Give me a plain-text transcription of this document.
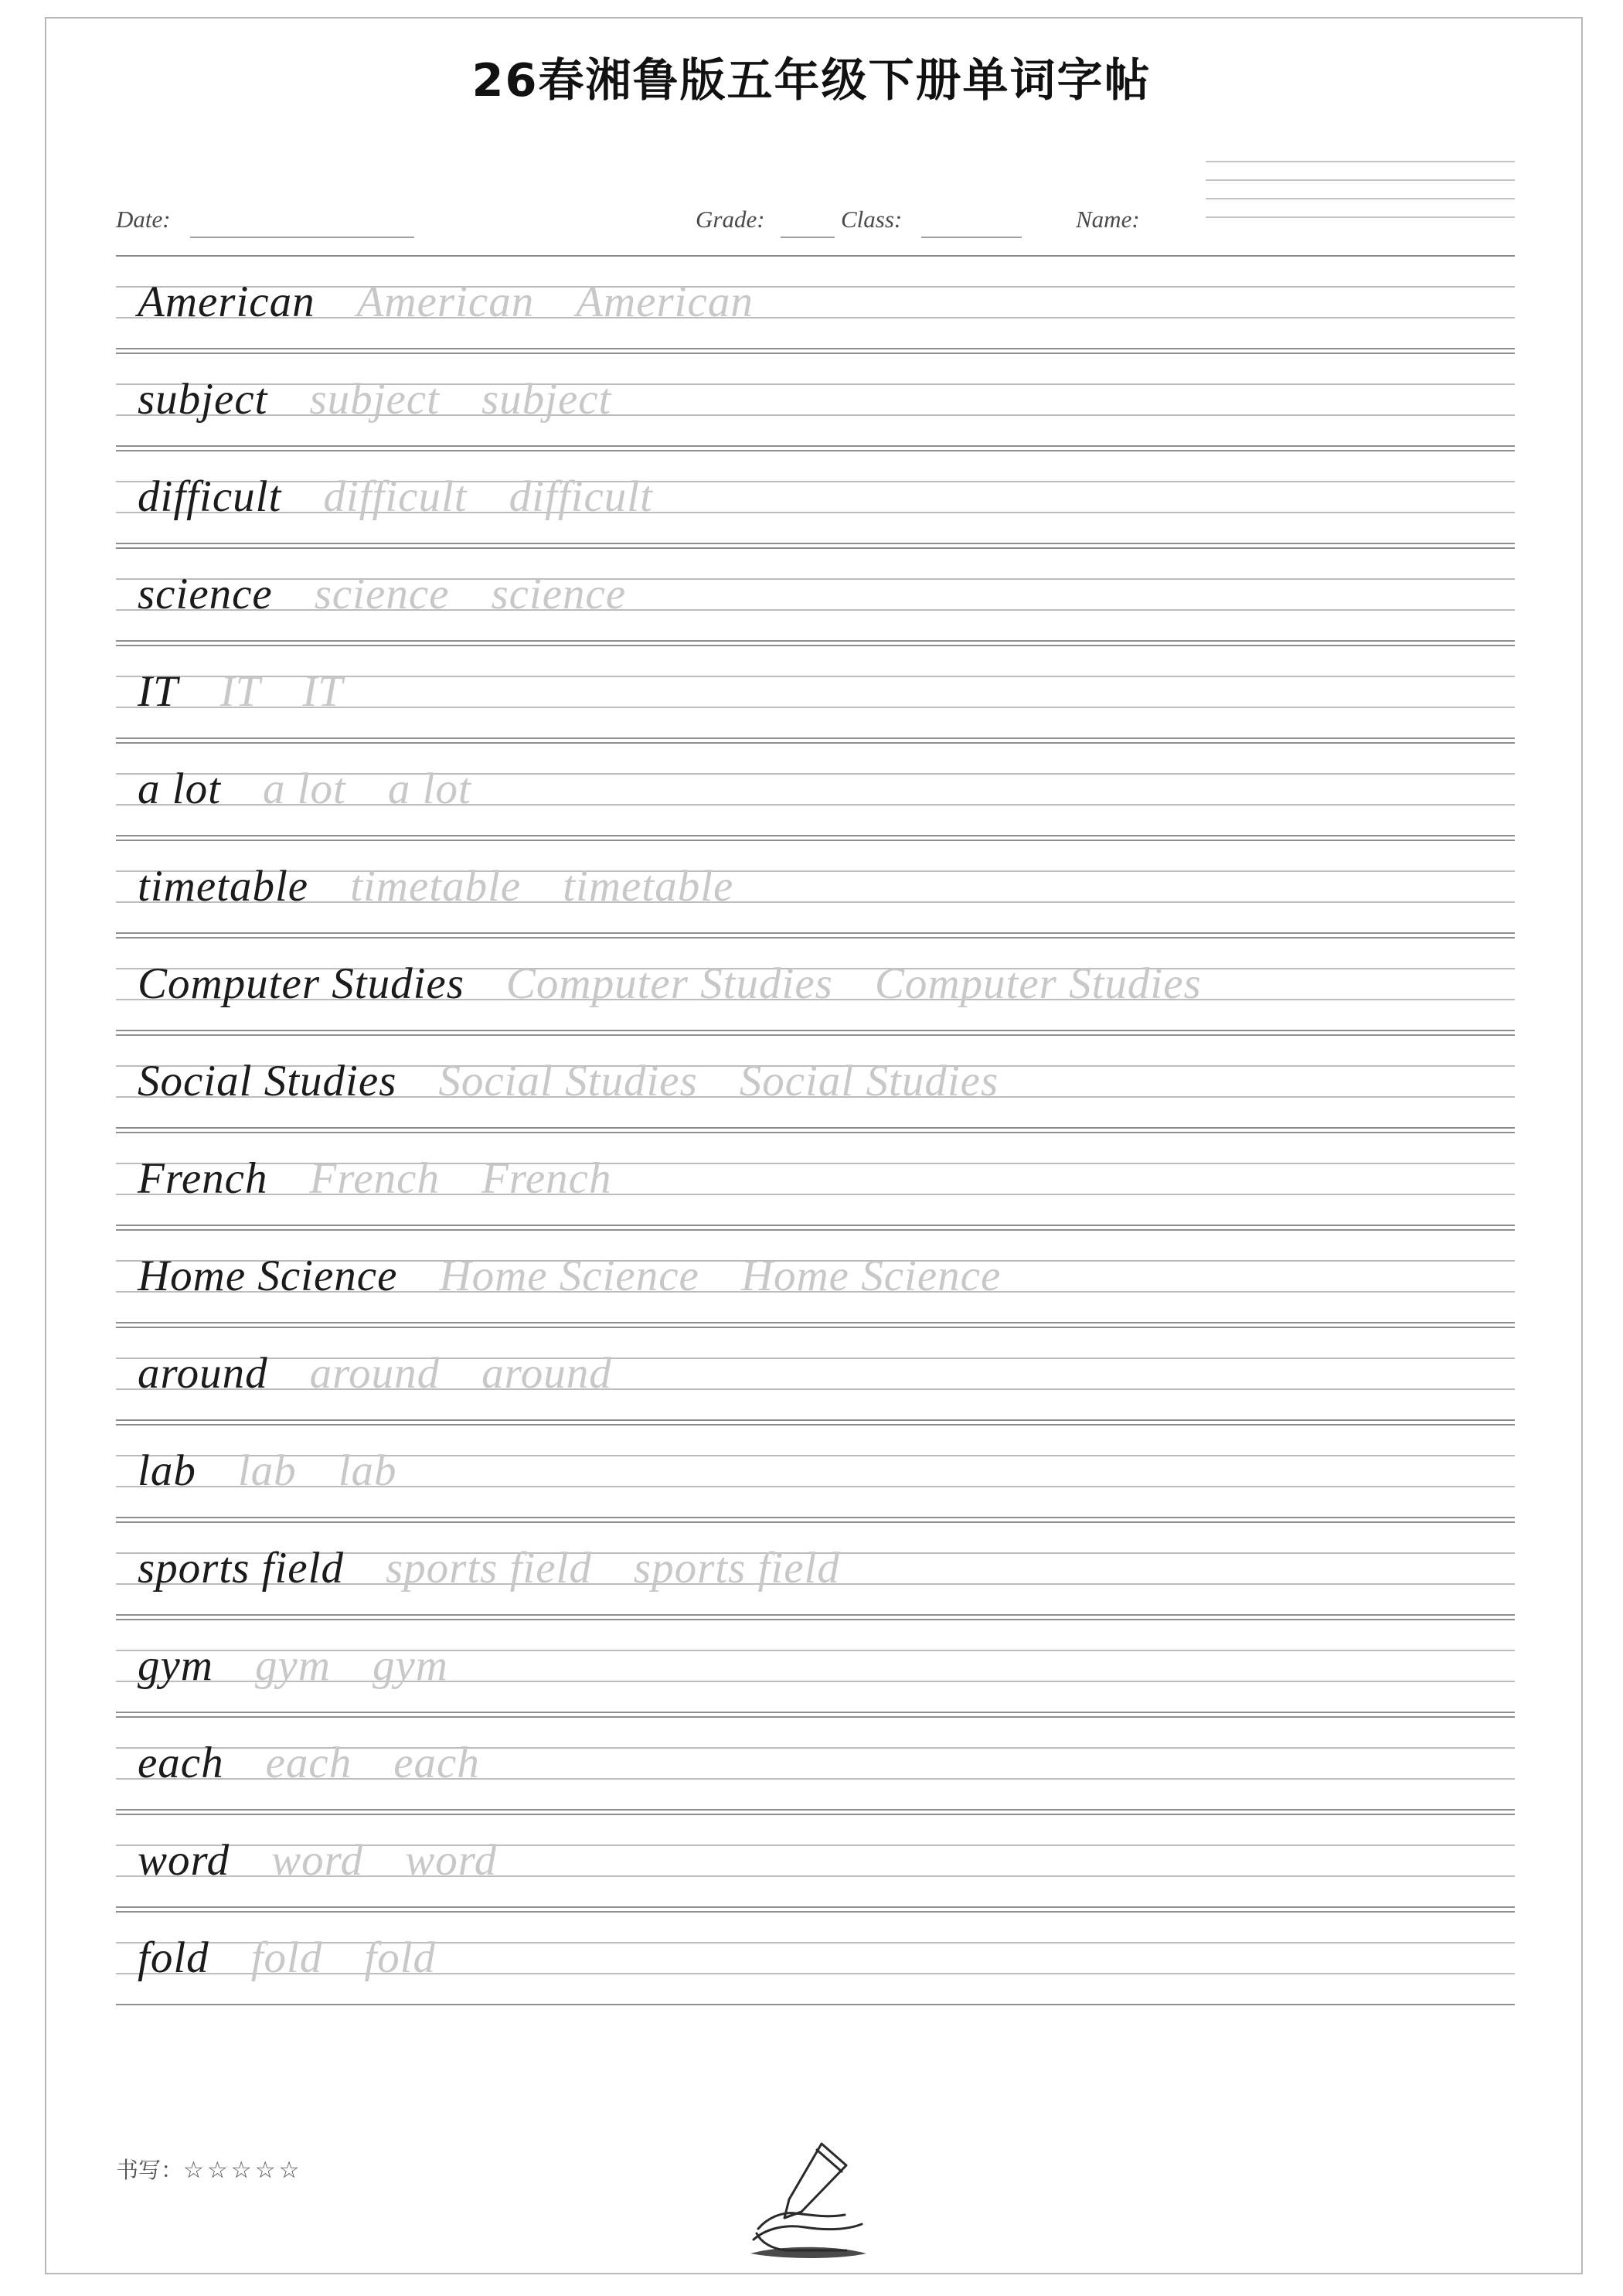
26春湘鲁版五年级下册单词字帖
Date:	Grade:	Class:	Name:
American American American
subject subject subject
difficult difficult difficult
science science science
IT IT IT
a lot a lot a lot
timetable timetable timetable
Computer Studies Computer Studies Computer Studies
Social Studies Social Studies Social Studies
French French French
Home Science Home Science Home Science
around around around
lab lab lab
sports field sports field sports field
gym gym gym
each each each
word word word
fold fold fold
书写：☆☆☆☆☆
